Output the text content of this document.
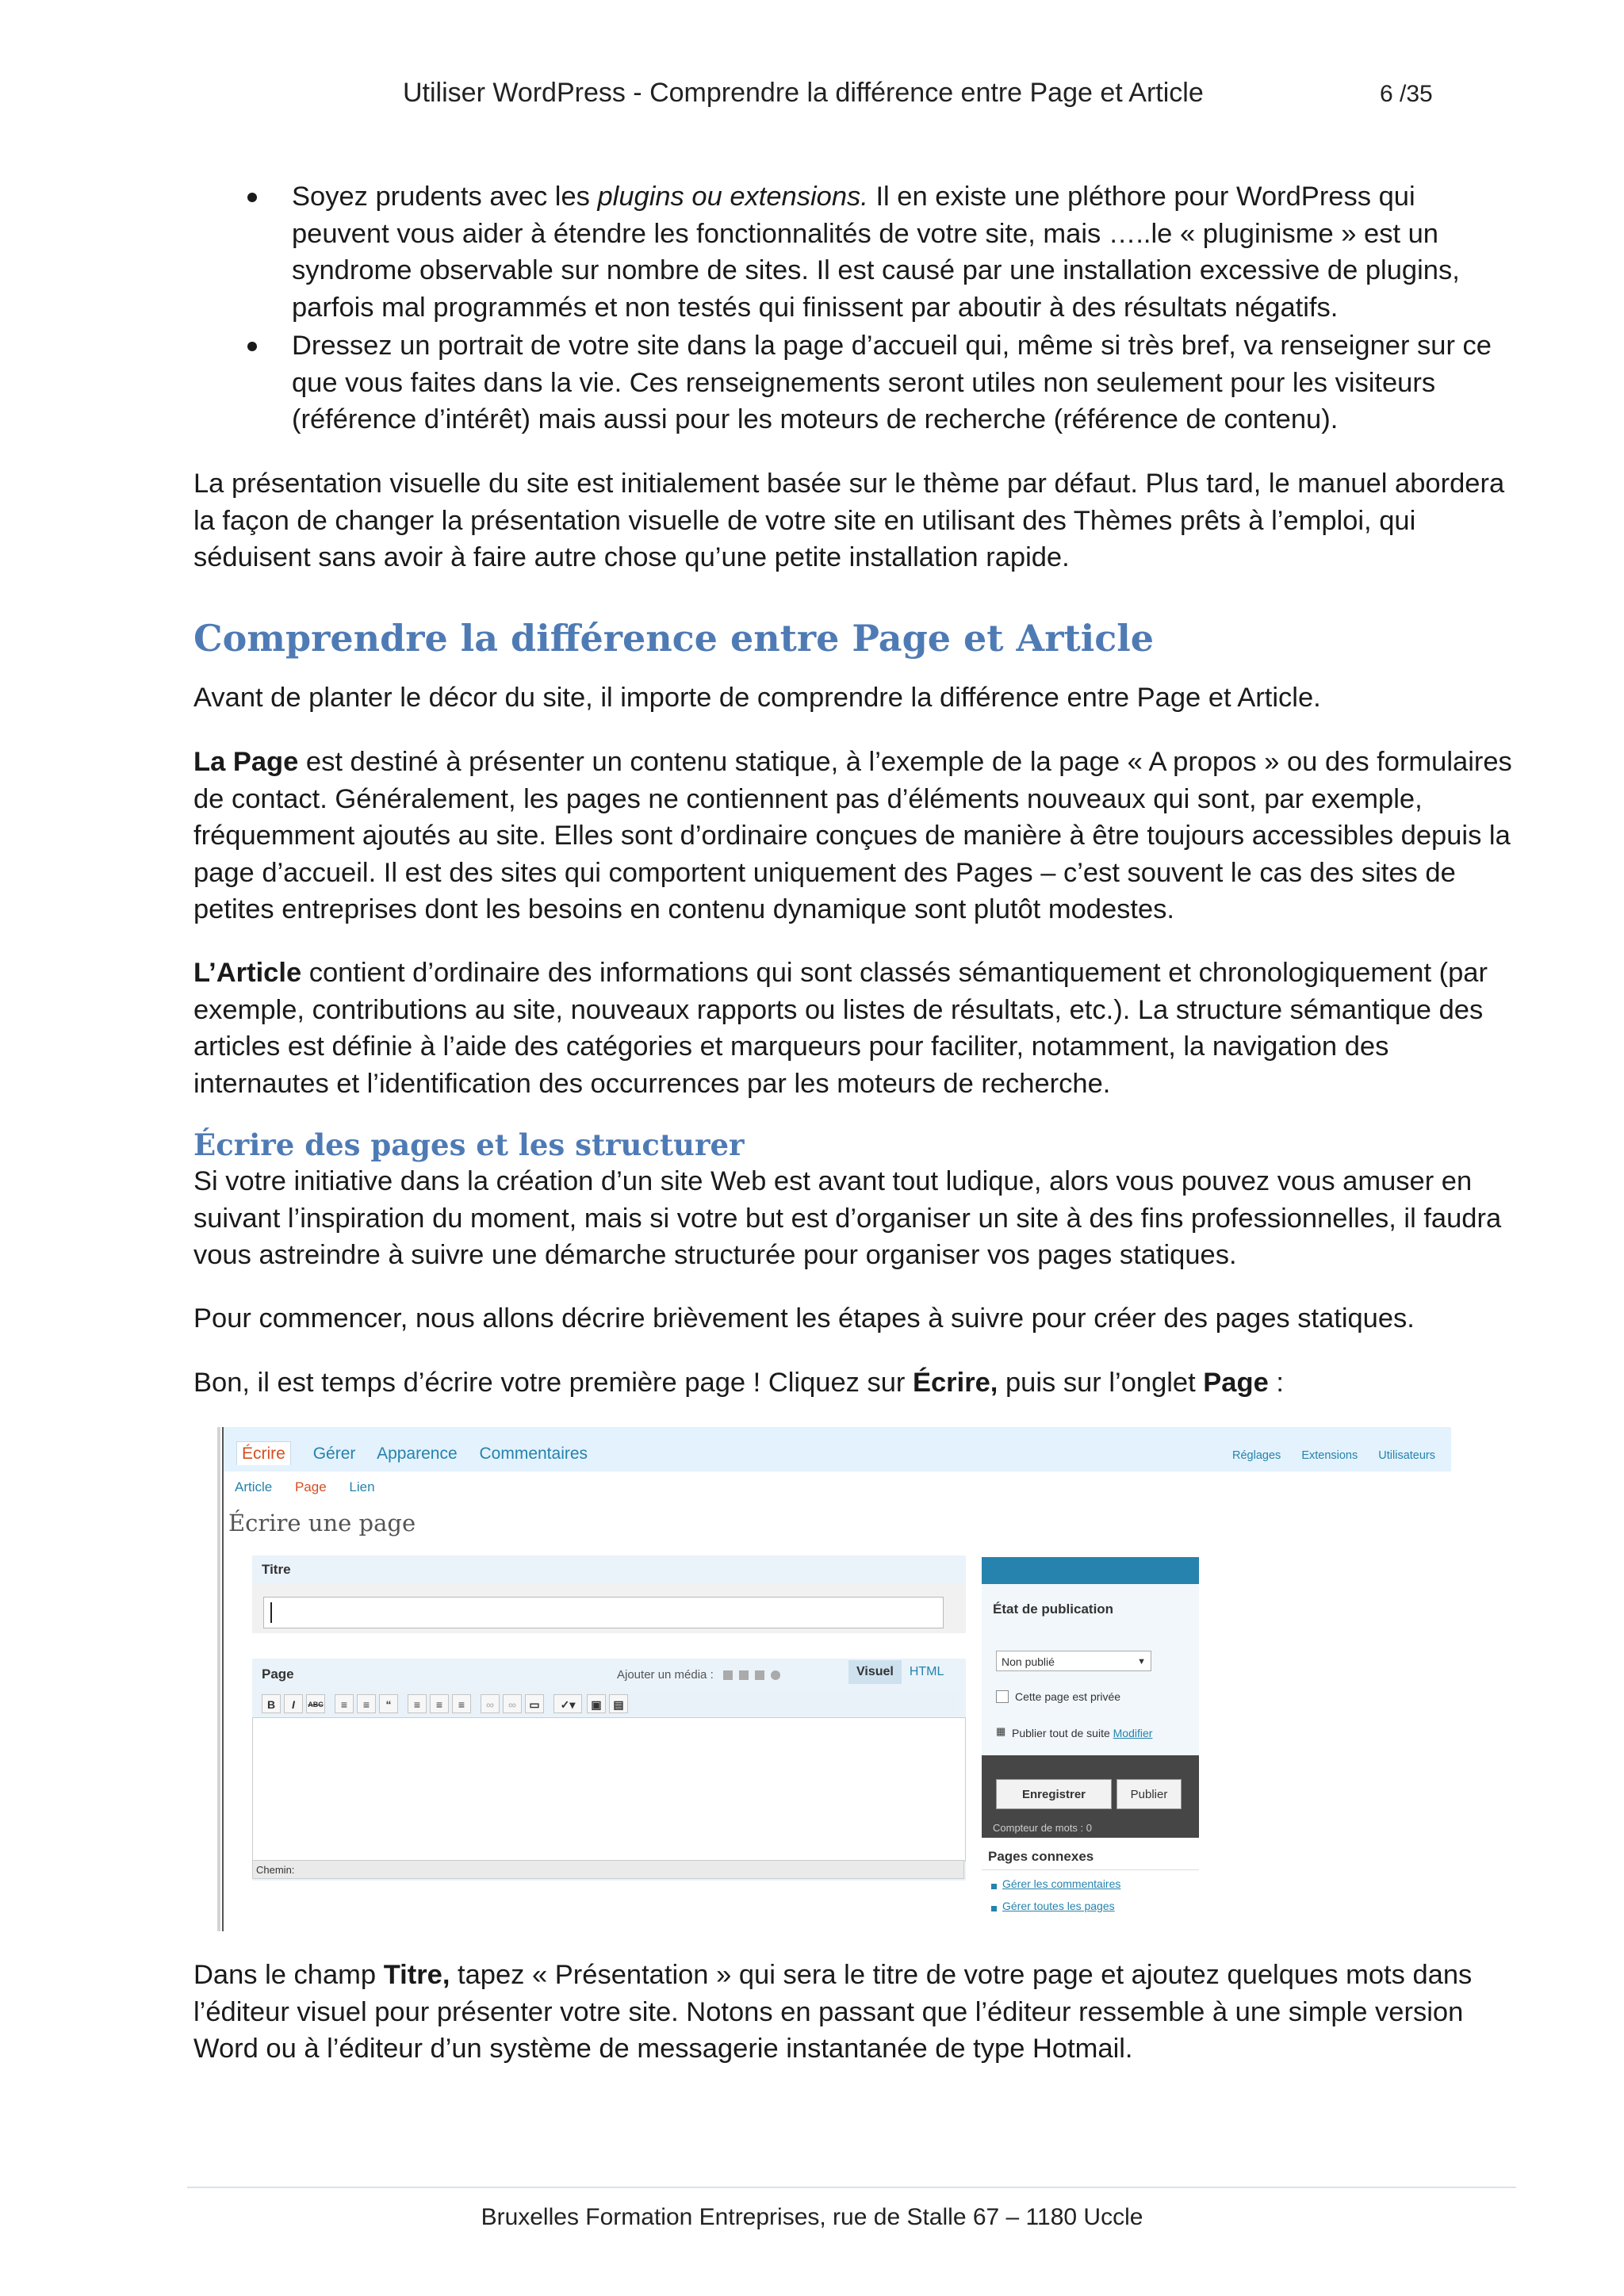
Utiliser WordPress - Comprendre la différence entre Page et Article	6 /35
Soyez prudents avec les plugins ou extensions. Il en existe une pléthore pour WordPress qui peuvent vous aider à étendre les fonctionnalités de votre site, mais …..le « pluginisme » est un syndrome observable sur nombre de sites. Il est causé par une installation excessive de plugins, parfois mal programmés et non testés qui finissent par aboutir à des résultats négatifs.
Dressez un portrait de votre site dans la page d’accueil qui, même si très bref, va renseigner sur ce que vous faites dans la vie. Ces renseignements seront utiles non seulement pour les visiteurs (référence d’intérêt) mais aussi pour les moteurs de recherche (référence de contenu).

La présentation visuelle du site est initialement basée sur le thème par défaut. Plus tard, le manuel abordera la façon de changer la présentation visuelle de votre site en utilisant des Thèmes prêts à l’emploi, qui séduisent sans avoir à faire autre chose qu’une petite installation rapide.

Comprendre la différence entre Page et Article

Avant de planter le décor du site, il importe de comprendre la différence entre Page et Article.

La Page est destiné à présenter un contenu statique, à l’exemple de la page « A propos » ou des formulaires de contact. Généralement, les pages ne contiennent pas d’éléments nouveaux qui sont, par exemple, fréquemment ajoutés au site. Elles sont d’ordinaire conçues de manière à être toujours accessibles depuis la page d’accueil. Il est des sites qui comportent uniquement des Pages – c’est souvent le cas des sites de petites entreprises dont les besoins en contenu dynamique sont plutôt modestes.

L’Article contient d’ordinaire des informations qui sont classés sémantiquement et chronologiquement (par exemple, contributions au site, nouveaux rapports ou listes de résultats, etc.). La structure sémantique des articles est définie à l’aide des catégories et marqueurs pour faciliter, notamment, la navigation des internautes et l’identification des occurrences par les moteurs de recherche.

Écrire des pages et les structurer

Si votre initiative dans la création d’un site Web est avant tout ludique, alors vous pouvez vous amuser en suivant l’inspiration du moment, mais si votre but est d’organiser un site à des fins professionnelles, il faudra vous astreindre à suivre une démarche structurée pour organiser vos pages statiques.

Pour commencer, nous allons décrire brièvement les étapes à suivre pour créer des pages statiques.

Bon, il est temps d’écrire votre première page ! Cliquez sur Écrire, puis sur l’onglet Page :

Écrire Gérer Apparence Commentaires	Réglages Extensions Utilisateurs
Article Page Lien
Écrire une page
Titre
Page	Ajouter un média :	Visuel HTML
B	I	ABC	≡	≡	“	≡	≡	≡	∞	∞	▭	✓▾	▣	▤
Chemin:
État de publication
Non publié	▼
Cette page est privée
▦ Publier tout de suite Modifier
Enregistrer	Publier
Compteur de mots : 0
Pages connexes
Gérer les commentaires
Gérer toutes les pages

Dans le champ Titre, tapez « Présentation » qui sera le titre de votre page et ajoutez quelques mots dans l’éditeur visuel pour présenter votre site. Notons en passant que l’éditeur ressemble à une simple version Word ou à l’éditeur d’un système de messagerie instantanée de type Hotmail.

Bruxelles Formation Entreprises, rue de Stalle 67 – 1180 Uccle
